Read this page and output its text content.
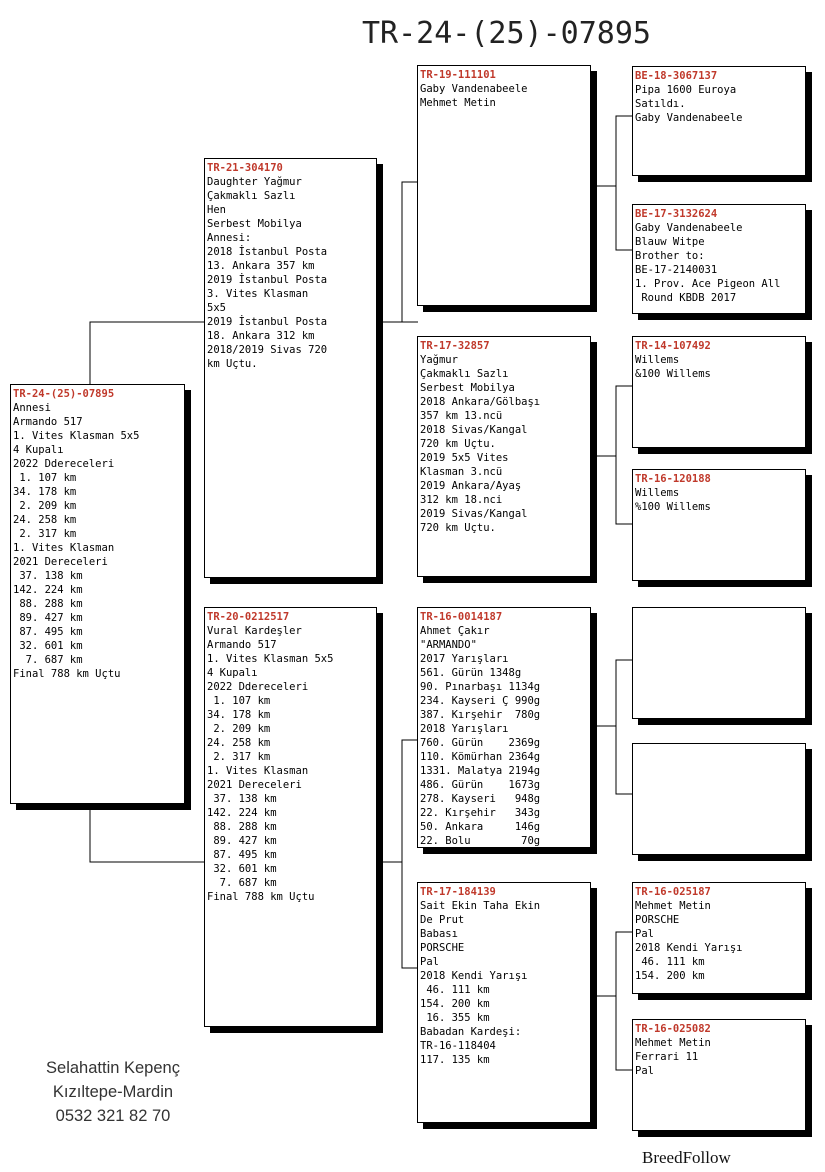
TR-24-(25)-07895
TR-24-(25)-07895
Annesi
Armando 517
1. Vites Klasman 5x5
4 Kupalı
2022 Ddereceleri
1. 107 km
34. 178 km
2. 209 km
24. 258 km
2. 317 km
1. Vites Klasman
2021 Dereceleri
37. 138 km
142. 224 km
88. 288 km
89. 427 km
87. 495 km
32. 601 km
7. 687 km
Final 788 km Uçtu
TR-21-304170
Daughter Yağmur
Çakmaklı Sazlı
Hen
Serbest Mobilya
Annesi:
2018 İstanbul Posta
13. Ankara 357 km
2019 İstanbul Posta
3. Vites Klasman
5x5
2019 İstanbul Posta
18. Ankara 312 km
2018/2019 Sivas 720
km Uçtu.
TR-20-0212517
Vural Kardeşler
Armando 517
1. Vites Klasman 5x5
4 Kupalı
2022 Ddereceleri
1. 107 km
34. 178 km
2. 209 km
24. 258 km
2. 317 km
1. Vites Klasman
2021 Dereceleri
37. 138 km
142. 224 km
88. 288 km
89. 427 km
87. 495 km
32. 601 km
7. 687 km
Final 788 km Uçtu
TR-19-111101
Gaby Vandenabeele
Mehmet Metin
TR-17-32857
Yağmur
Çakmaklı Sazlı
Serbest Mobilya
2018 Ankara/Gölbaşı
357 km 13.ncü
2018 Sivas/Kangal
720 km Uçtu.
2019 5x5 Vites
Klasman 3.ncü
2019 Ankara/Ayaş
312 km 18.nci
2019 Sivas/Kangal
720 km Uçtu.
TR-16-0014187
Ahmet Çakır
"ARMANDO"
2017 Yarışları
561. Gürün 1348g
90. Pınarbaşı 1134g
234. Kayseri Ç 990g
387. Kırşehir  780g
2018 Yarışları
760. Gürün    2369g
110. Kömürhan 2364g
1331. Malatya 2194g
486. Gürün    1673g
278. Kayseri   948g
22. Kırşehir   343g
50. Ankara     146g
22. Bolu        70g
TR-17-184139
Sait Ekin Taha Ekin
De Prut
Babası
PORSCHE
Pal
2018 Kendi Yarışı
46. 111 km
154. 200 km
16. 355 km
Babadan Kardeşi:
TR-16-118404
117. 135 km
BE-18-3067137
Pipa 1600 Euroya
Satıldı.
Gaby Vandenabeele
BE-17-3132624
Gaby Vandenabeele
Blauw Witpe
Brother to:
BE-17-2140031
1. Prov. Ace Pigeon All
Round KBDB 2017
TR-14-107492
Willems
&100 Willems
TR-16-120188
Willems
%100 Willems
TR-16-025187
Mehmet Metin
PORSCHE
Pal
2018 Kendi Yarışı
46. 111 km
154. 200 km
TR-16-025082
Mehmet Metin
Ferrari 11
Pal
Selahattin Kepenç
Kızıltepe-Mardin
0532 321 82 70
BreedFollow
